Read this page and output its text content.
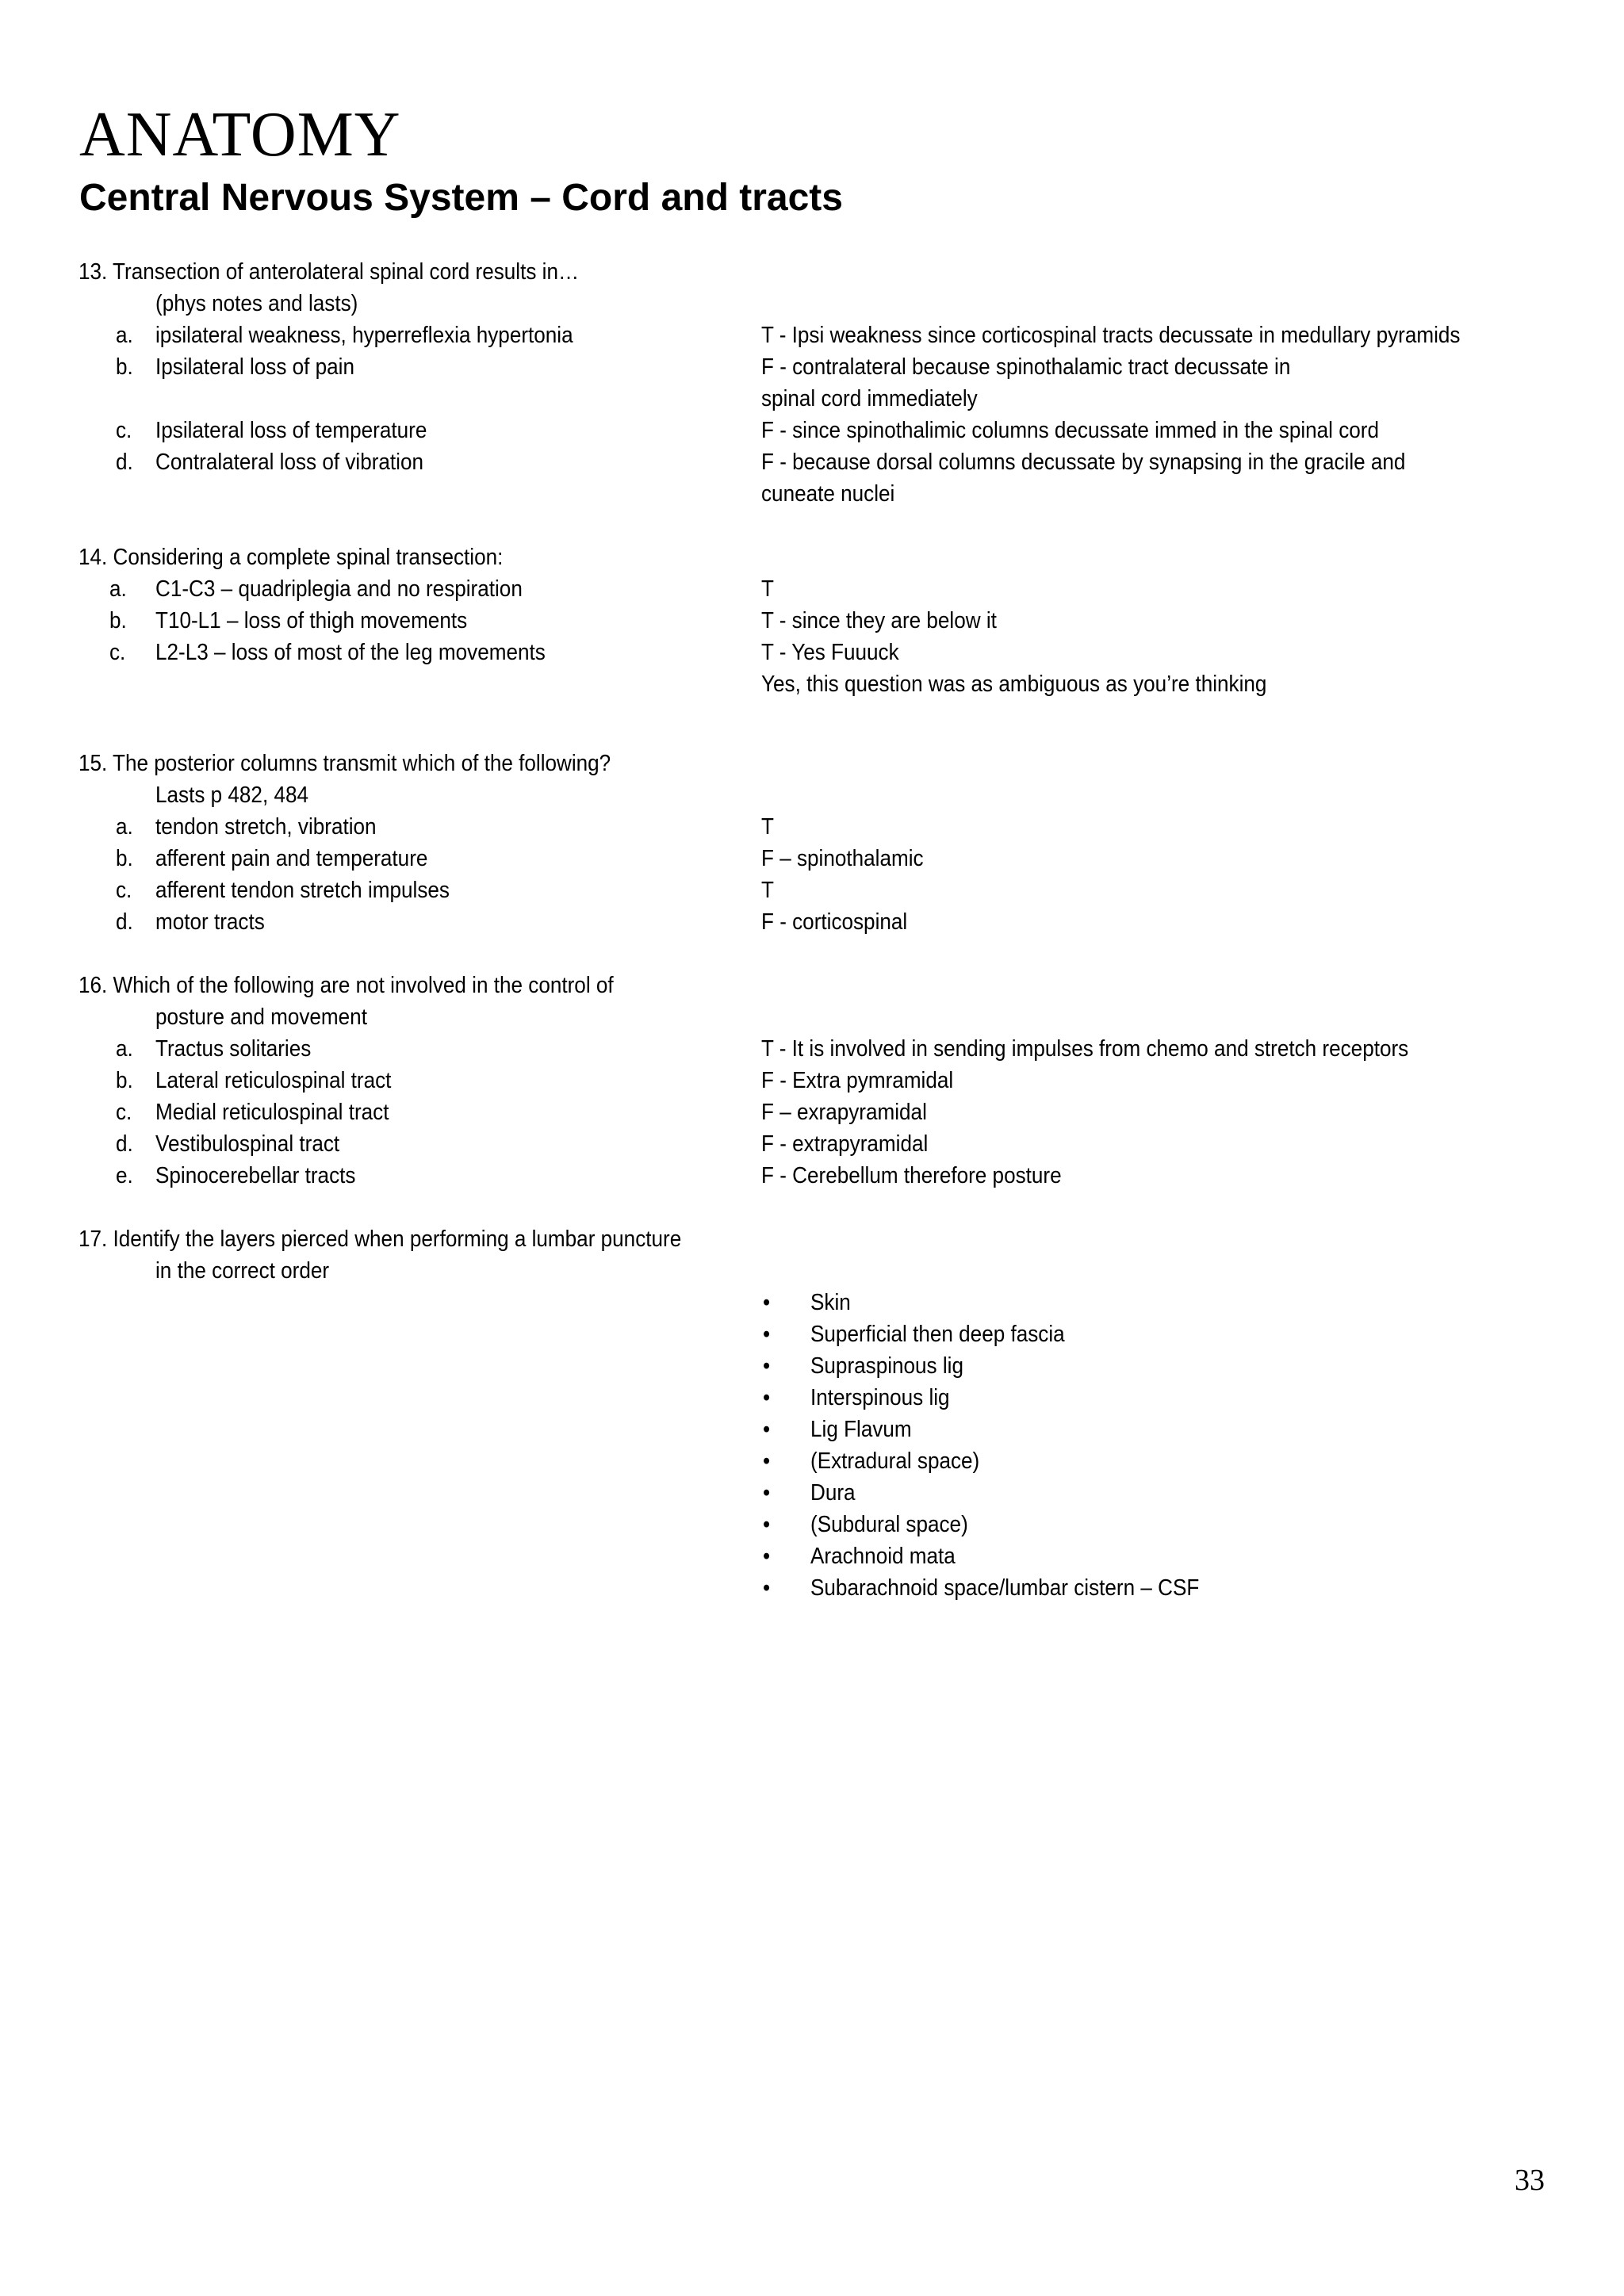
ANATOMY
Central Nervous System – Cord and tracts
13. Transection of anterolateral spinal cord results in…
(phys notes and lasts)
a. ipsilateral weakness, hyperreflexia hypertonia	T - Ipsi weakness since corticospinal tracts decussate in medullary pyramids
b. Ipsilateral loss of pain	F - contralateral because spinothalamic tract decussate in
spinal cord immediately
c. Ipsilateral loss of temperature	F - since spinothalimic columns decussate immed in the spinal cord
d. Contralateral loss of vibration	F - because dorsal columns decussate by synapsing in the gracile and
cuneate nuclei
14. Considering a complete spinal transection:
a. C1-C3 – quadriplegia and no respiration	T
b. T10-L1 – loss of thigh movements	T - since they are below it
c. L2-L3 – loss of most of the leg movements	T - Yes Fuuuck
Yes, this question was as ambiguous as you’re thinking
15. The posterior columns transmit which of the following?
Lasts p 482, 484
a. tendon stretch, vibration	T
b. afferent pain and temperature	F – spinothalamic
c. afferent tendon stretch impulses	T
d. motor tracts	F - corticospinal
16. Which of the following are not involved in the control of
posture and movement
a. Tractus solitaries	T - It is involved in sending impulses from chemo and stretch receptors
b. Lateral reticulospinal tract	F - Extra pymramidal
c. Medial reticulospinal tract	F – exrapyramidal
d. Vestibulospinal tract	F - extrapyramidal
e. Spinocerebellar tracts	F - Cerebellum therefore posture
17. Identify the layers pierced when performing a lumbar puncture
in the correct order
• Skin
• Superficial then deep fascia
• Supraspinous lig
• Interspinous lig
• Lig Flavum
• (Extradural space)
• Dura
• (Subdural space)
• Arachnoid mata
• Subarachnoid space/lumbar cistern – CSF
33
